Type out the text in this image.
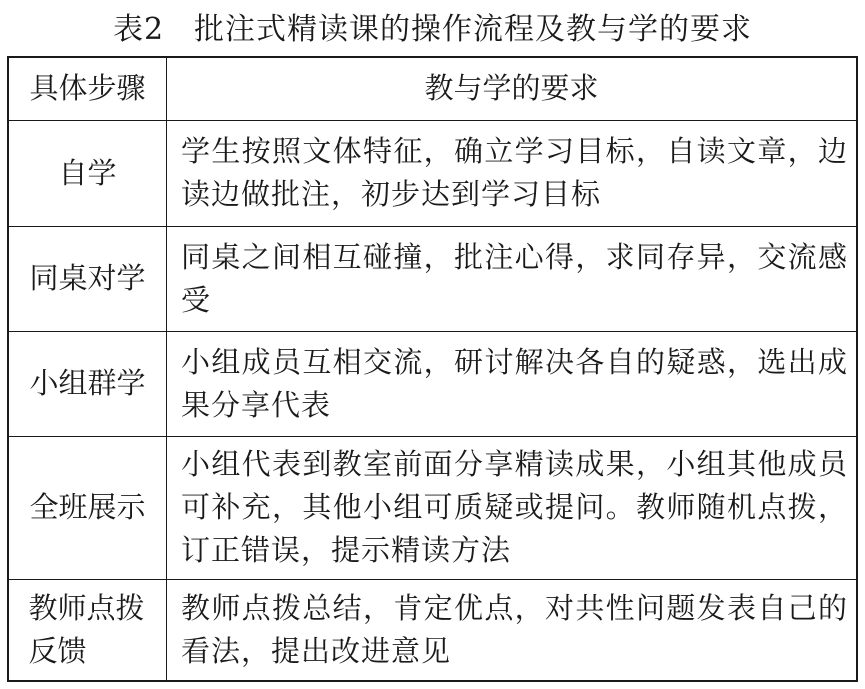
表2 批注式精读课的操作流程及教与学的要求
具体步骤	教与学的要求
自学	学生按照文体特征，确立学习目标，自读文章，边读边做批注，初步达到学习目标

同桌对学	同桌之间相互碰撞，批注心得，求同存异，交流感受

小组群学	小组成员互相交流，研讨解决各自的疑惑，选出成果分享代表

全班展示	小组代表到教室前面分享精读成果，小组其他成员可补充，其他小组可质疑或提问。教师随机点拨，订正错误，提示精读方法

教师点拨反馈	教师点拨总结，肯定优点，对共性问题发表自己的看法，提出改进意见
